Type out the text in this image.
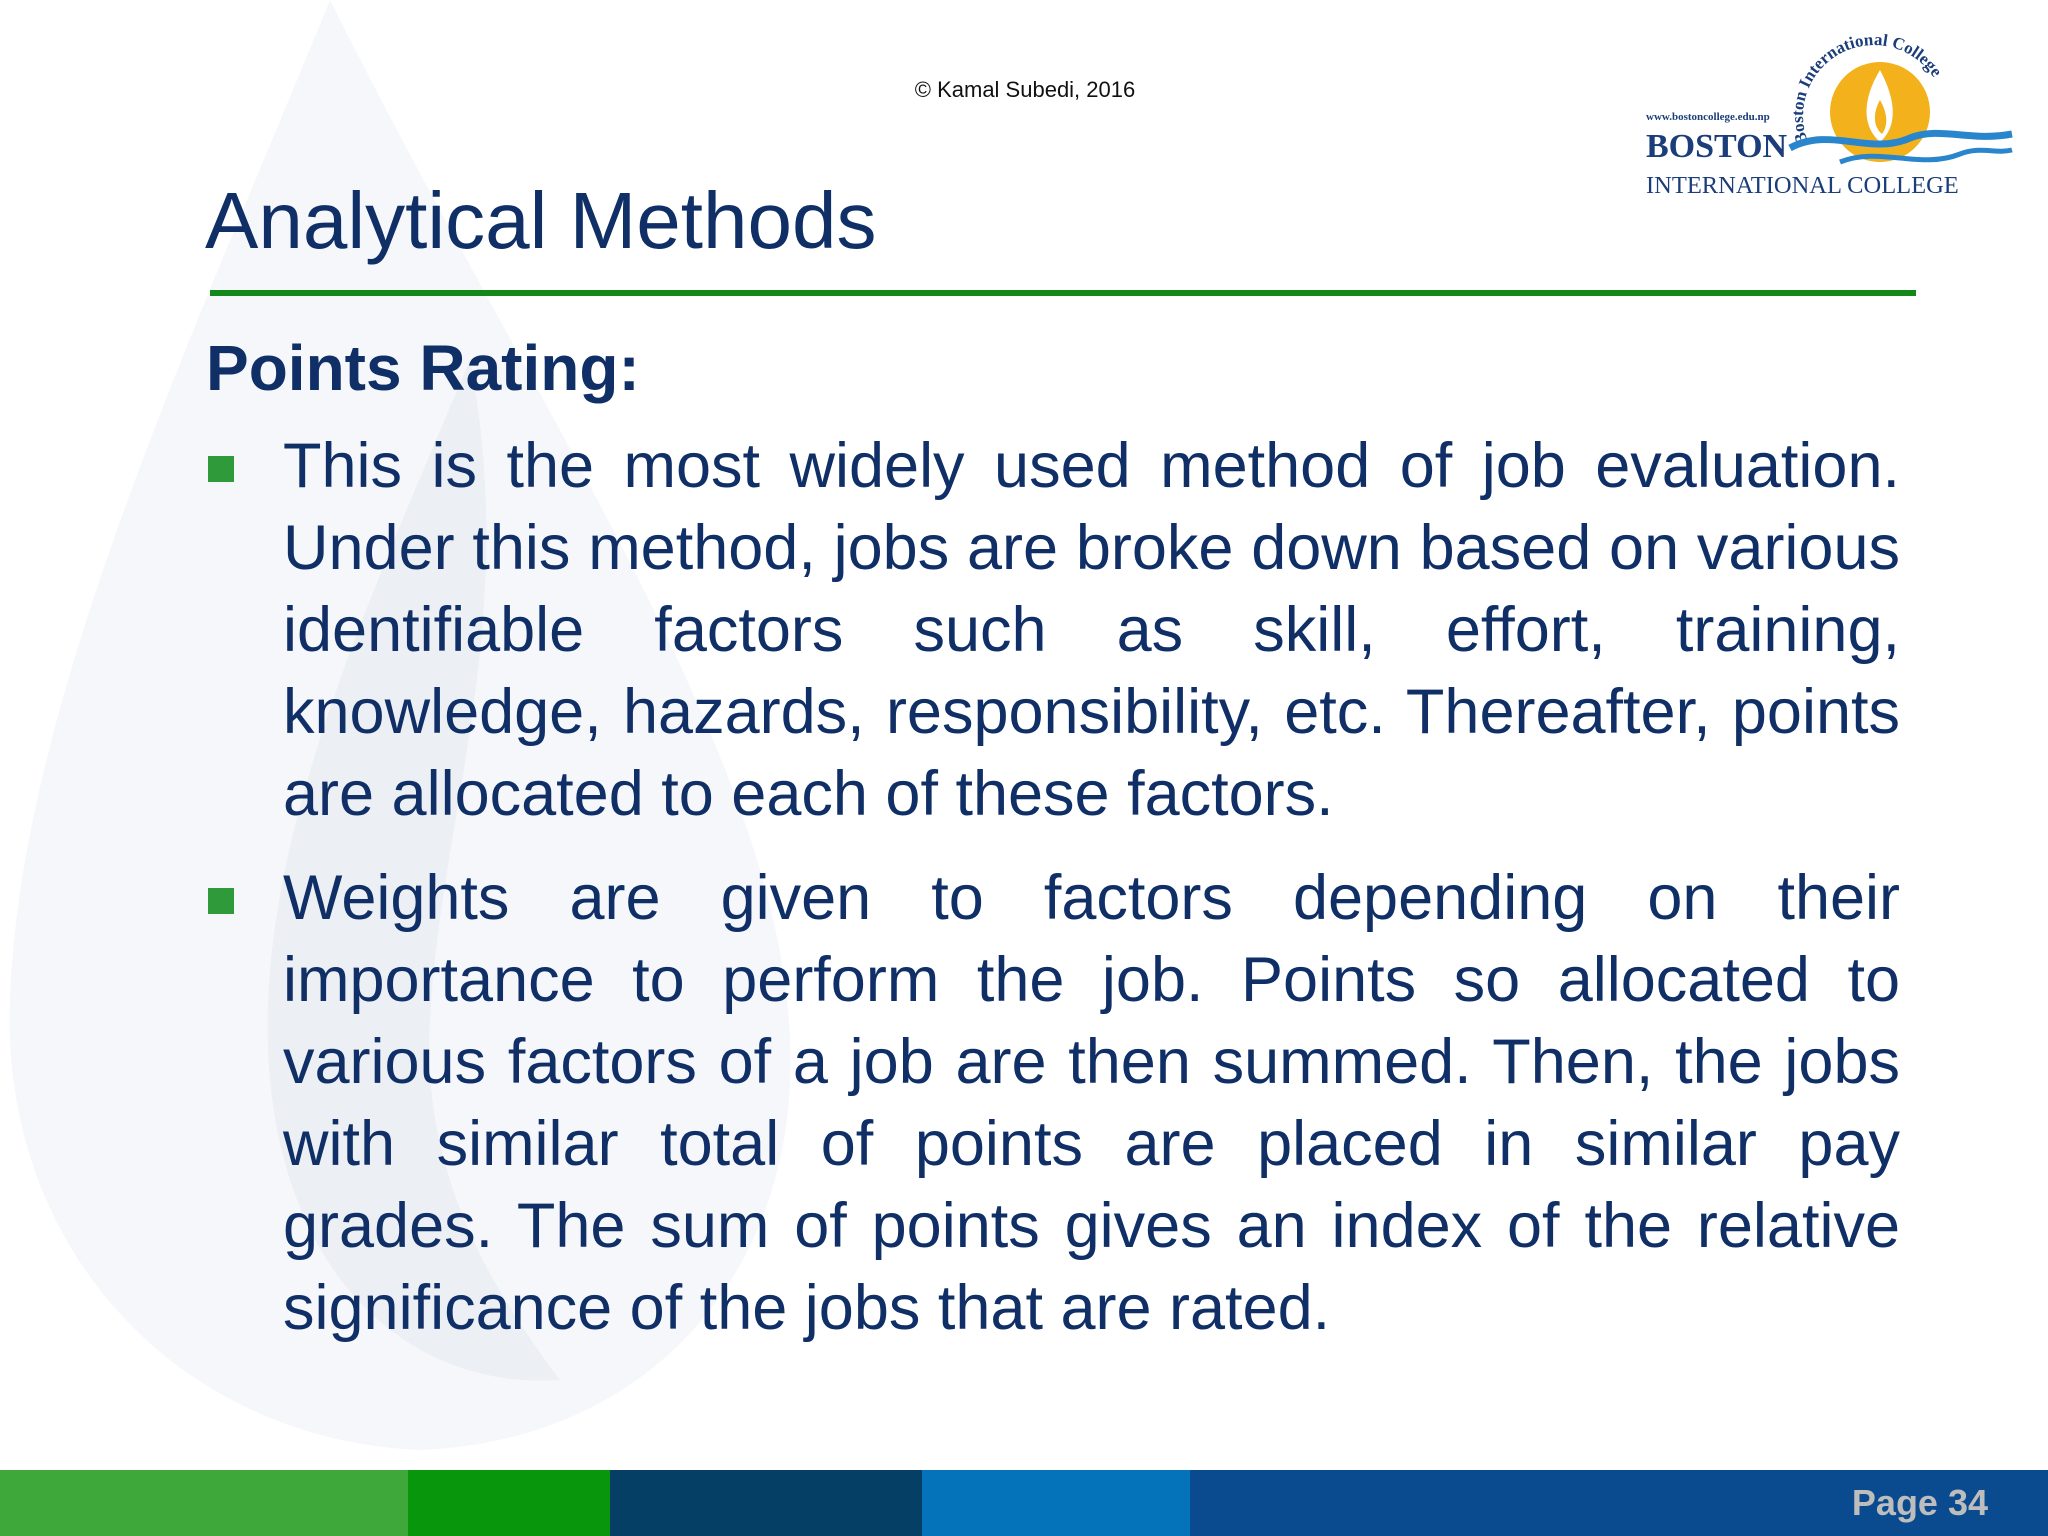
© Kamal Subedi, 2016
Boston International College
www.bostoncollege.edu.np
BOSTON
INTERNATIONAL COLLEGE
Analytical Methods
Points Rating:
This is the most widely used method of job evaluation. Under this method, jobs are broke down based on various identifiable factors such as skill, effort, training, knowledge, hazards, responsibility, etc. Thereafter, points are allocated to each of these factors.
Weights are given to factors depending on their importance to perform the job. Points so allocated to various factors of a job are then summed. Then, the jobs with similar total of points are placed in similar pay grades. The sum of points gives an index of the relative significance of the jobs that are rated.
Page 34
